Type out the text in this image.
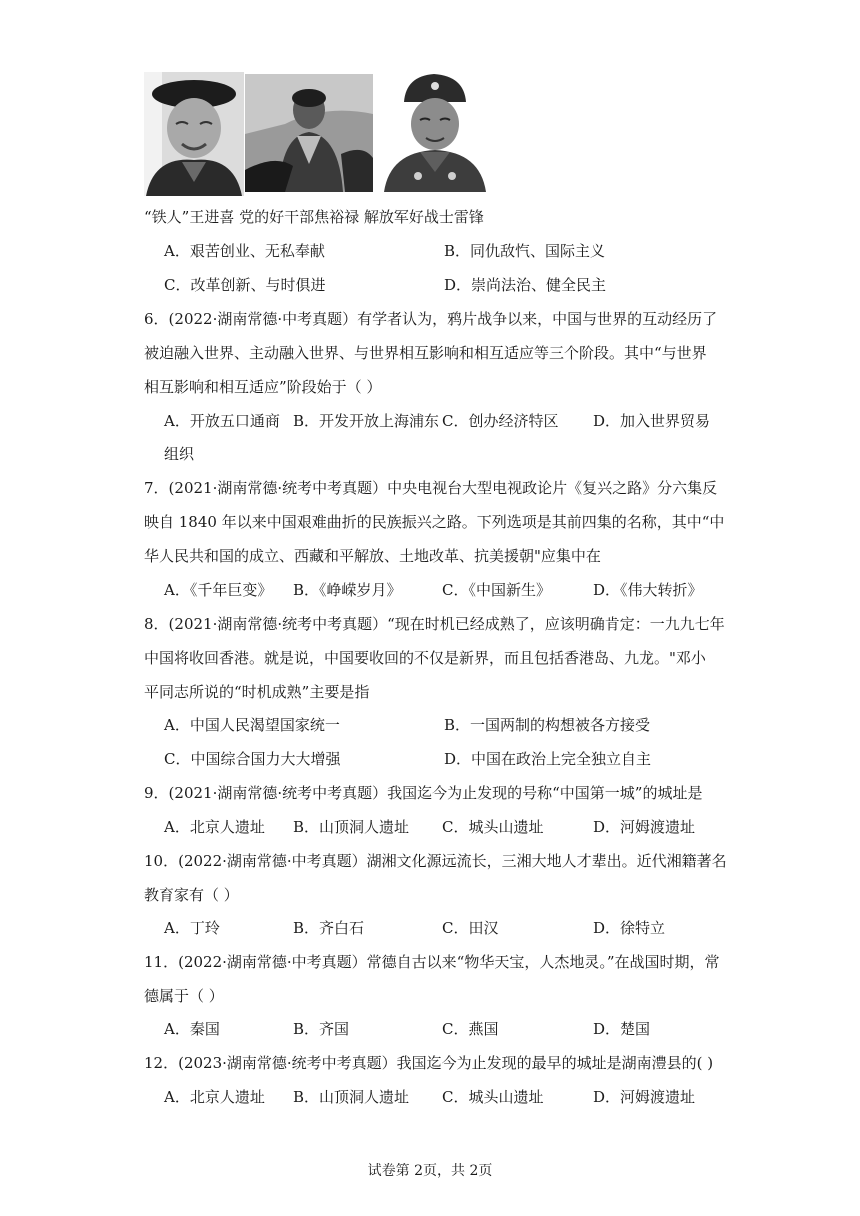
“铁人”王进喜 党的好干部焦裕禄 解放军好战士雷锋
A．艰苦创业、无私奉献	B．同仇敌忾、国际主义
C．改革创新、与时俱进	D．崇尚法治、健全民主
6．(2022·湖南常德·中考真题）有学者认为，鸦片战争以来，中国与世界的互动经历了
被迫融入世界、主动融入世界、与世界相互影响和相互适应等三个阶段。其中“与世界
相互影响和相互适应”阶段始于（ ）
A．开放五口通商 B．开发开放上海浦东 C．创办经济特区 D．加入世界贸易
组织
7．(2021·湖南常德·统考中考真题）中央电视台大型电视政论片《复兴之路》分六集反
映自 1840 年以来中国艰难曲折的民族振兴之路。下列选项是其前四集的名称，其中“中
华人民共和国的成立、西藏和平解放、土地改革、抗美援朝"应集中在
A．《千年巨变》 B．《峥嵘岁月》	C．《中国新生》	D．《伟大转折》
8．(2021·湖南常德·统考中考真题）“现在时机已经成熟了，应该明确肯定：一九九七年
中国将收回香港。就是说，中国要收回的不仅是新界，而且包括香港岛、九龙。"邓小
平同志所说的“时机成熟”主要是指
A．中国人民渴望国家统一	B．一国两制的构想被各方接受
C．中国综合国力大大增强	D．中国在政治上完全独立自主
9．(2021·湖南常德·统考中考真题）我国迄今为止发现的号称“中国第一城”的城址是
A．北京人遗址 B．山顶洞人遗址 C．城头山遗址	D．河姆渡遗址
10．(2022·湖南常德·中考真题）湖湘文化源远流长，三湘大地人才辈出。近代湘籍著名
教育家有（ ）
A．丁玲	B．齐白石	C．田汉	D．徐特立
11．(2022·湖南常德·中考真题）常德自古以来“物华天宝，人杰地灵。”在战国时期，常
德属于（ ）
A．秦国	B．齐国	C．燕国	D．楚国
12．(2023·湖南常德·统考中考真题）我国迄今为止发现的最早的城址是湖南澧县的( )
A．北京人遗址 B．山顶洞人遗址 C．城头山遗址	D．河姆渡遗址
试卷第 2页，共 2页
